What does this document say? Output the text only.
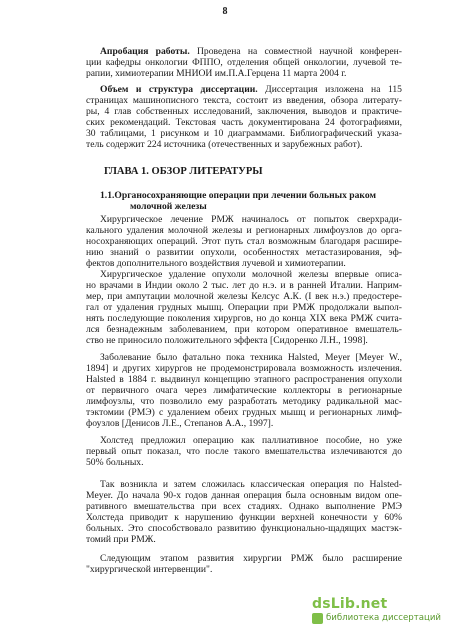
8
Апробация работы. Проведена на совместной научной конферен-
ции кафедры онкологии ФППО, отделения общей онкологии, лучевой те-
рапии, химиотерапии МНИОИ им.П.А.Герцена 11 марта 2004 г.
Объем и структура диссертации. Диссертация изложена на 115
страницах машинописного текста, состоит из введения, обзора литерату-
ры, 4 глав собственных исследований, заключения, выводов и практиче-
ских рекомендаций. Текстовая часть документирована 24 фотографиями,
30 таблицами, 1 рисунком и 10 диаграммами. Библиографический указа-
тель содержит 224 источника (отечественных и зарубежных работ).
ГЛАВА 1. ОБЗОР ЛИТЕРАТУРЫ
1.1.Органосохраняющие операции при лечении больных раком
молочной железы
Хирургическое лечение РМЖ начиналось от попыток сверхради-
кального удаления молочной железы и регионарных лимфоузлов до орга-
носохраняющих операций. Этот путь стал возможным благодаря расшире-
нию знаний о развитии опухоли, особенностях метастазирования, эф-
фектов дополнительного воздействия лучевой и химиотерапии.
Хирургическое удаление опухоли молочной железы впервые описа-
но врачами в Индии около 2 тыс. лет до н.э. и в ранней Италии. Наприм-
мер, при ампутации молочной железы Келсус А.К. (I век н.э.) предостере-
гал от удаления грудных мышц. Операции при РМЖ продолжали выпол-
нять последующие поколения хирургов, но до конца XIX века РМЖ счита-
лся безнадежным заболеванием, при котором оперативное вмешатель-
ство не приносило положительного эффекта [Сидоренко Л.Н., 1998].
Заболевание было фатально пока техника Halsted, Meyer [Meyer W.,
1894] и других хирургов не продемонстрировала возможность излечения.
Halsted в 1884 г. выдвинул концепцию этапного распространения опухоли
от первичного очага через лимфатические коллекторы в регионарные
лимфоузлы, что позволило ему разработать методику радикальной мас-
тэктомии (РМЭ) с удалением обеих грудных мышц и регионарных лимф-
фоузлов [Денисов Л.Е., Степанов А.А., 1997].
Холстед предложил операцию как паллиативное пособие, но уже
первый опыт показал, что после такого вмешательства излечиваются до
50% больных.
Так возникла и затем сложилась классическая операция по Halsted-
Meyer. До начала 90-х годов данная операция была основным видом опе-
ративного вмешательства при всех стадиях. Однако выполнение РМЭ
Холстеда приводит к нарушению функции верхней конечности у 60%
больных. Это способствовало развитию функционально-щадящих мастэк-
томий при РМЖ.
Следующим этапом развития хирургии РМЖ было расширение
"хирургической интервенции".
dsLib.net
библиотека диссертаций
